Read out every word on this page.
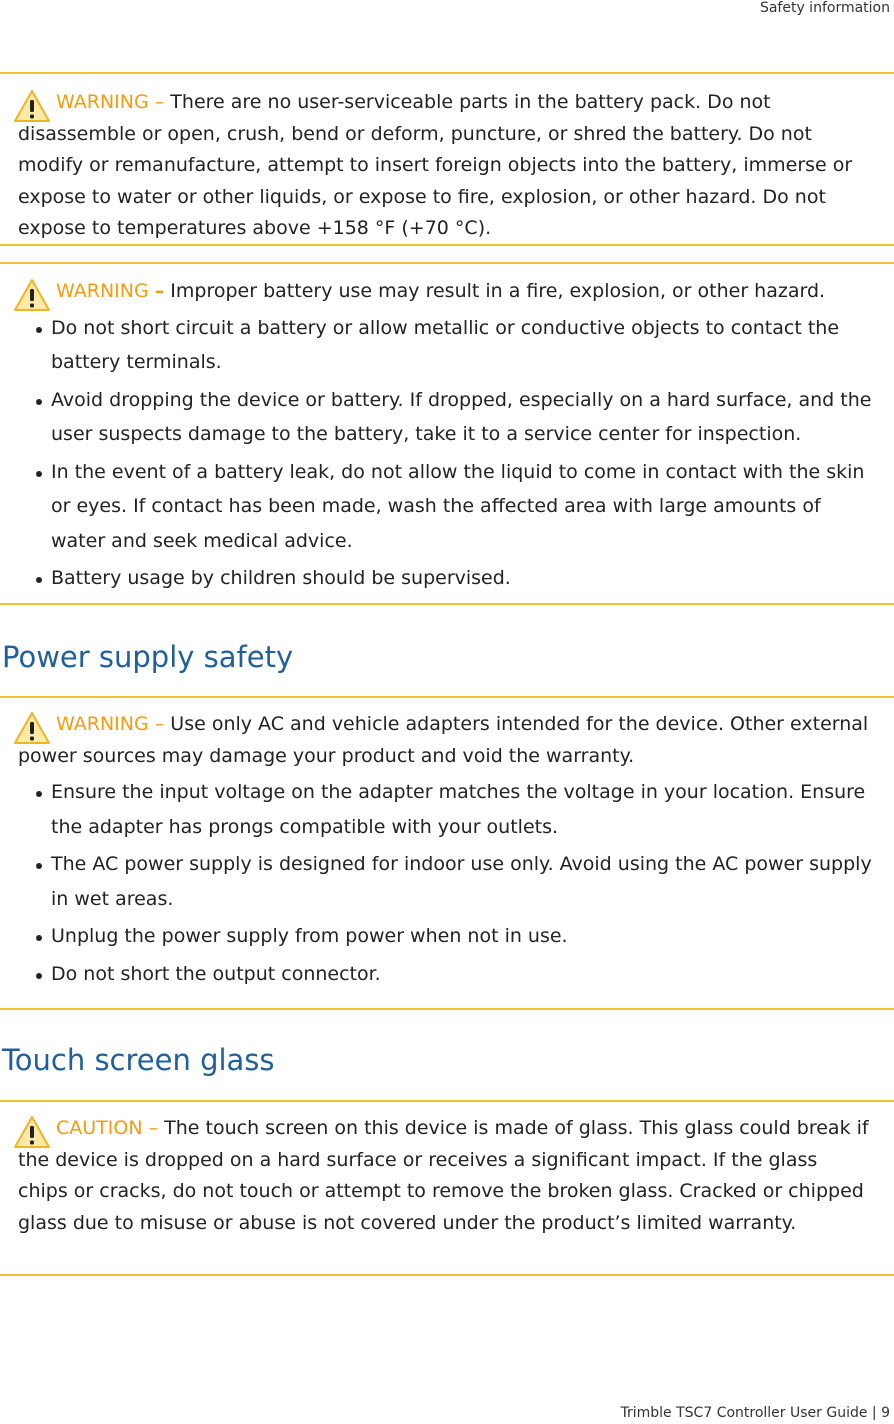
Safety information

WARNING – There are no user-serviceable parts in the battery pack. Do not disassemble or open, crush, bend or deform, puncture, or shred the battery. Do not modify or remanufacture, attempt to insert foreign objects into the battery, immerse or expose to water or other liquids, or expose to fire, explosion, or other hazard. Do not expose to temperatures above +158 °F (+70 °C).

WARNING – Improper battery use may result in a fire, explosion, or other hazard.

Do not short circuit a battery or allow metallic or conductive objects to contact the battery terminals.
Avoid dropping the device or battery. If dropped, especially on a hard surface, and the user suspects damage to the battery, take it to a service center for inspection.
In the event of a battery leak, do not allow the liquid to come in contact with the skin or eyes. If contact has been made, wash the affected area with large amounts of water and seek medical advice.
Battery usage by children should be supervised.
Power supply safety

WARNING – Use only AC and vehicle adapters intended for the device. Other external power sources may damage your product and void the warranty.

Ensure the input voltage on the adapter matches the voltage in your location. Ensure the adapter has prongs compatible with your outlets.
The AC power supply is designed for indoor use only. Avoid using the AC power supply in wet areas.
Unplug the power supply from power when not in use.
Do not short the output connector.
Touch screen glass

CAUTION – The touch screen on this device is made of glass. This glass could break if the device is dropped on a hard surface or receives a significant impact. If the glass chips or cracks, do not touch or attempt to remove the broken glass. Cracked or chipped glass due to misuse or abuse is not covered under the product’s limited warranty.

Trimble TSC7 Controller User Guide | 9
